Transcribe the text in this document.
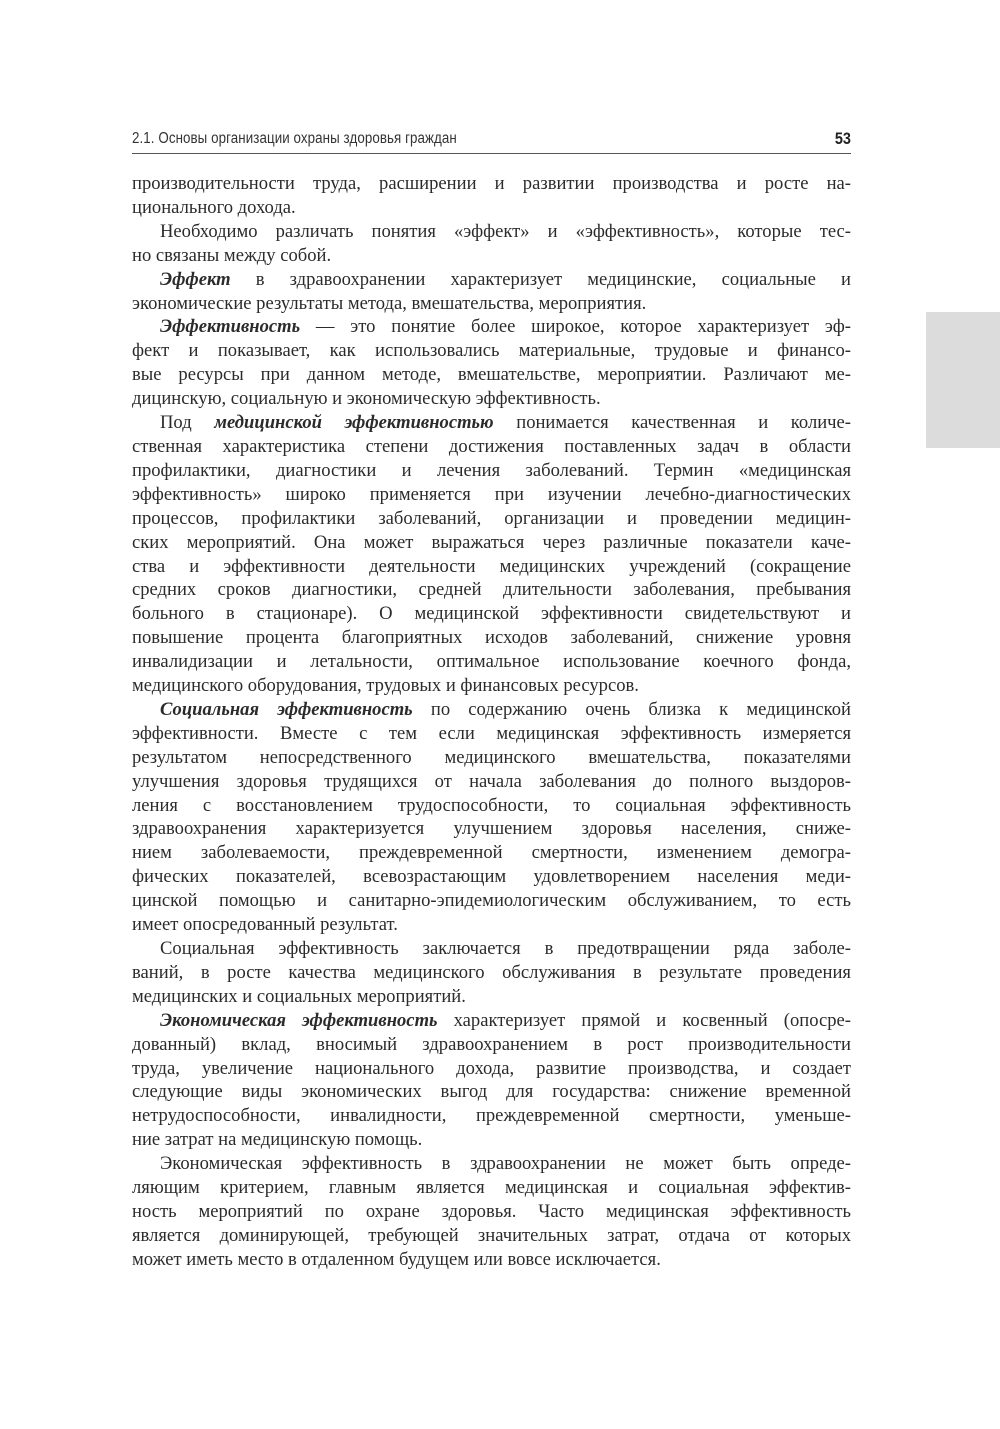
2.1. Основы организации охраны здоровья граждан	53
производительности труда, расширении и развитии производства и росте на-
ционального дохода.
Необходимо различать понятия «эффект» и «эффективность», которые тес-
но связаны между собой.
Эффект в здравоохранении характеризует медицинские, социальные и
экономические результаты метода, вмешательства, мероприятия.
Эффективность — это понятие более широкое, которое характеризует эф-
фект и показывает, как использовались материальные, трудовые и финансо-
вые ресурсы при данном методе, вмешательстве, мероприятии. Различают ме-
дицинскую, социальную и экономическую эффективность.
Под медицинской эффективностью понимается качественная и количе-
ственная характеристика степени достижения поставленных задач в области
профилактики, диагностики и лечения заболеваний. Термин «медицинская
эффективность» широко применяется при изучении лечебно-диагностических
процессов, профилактики заболеваний, организации и проведении медицин-
ских мероприятий. Она может выражаться через различные показатели каче-
ства и эффективности деятельности медицинских учреждений (сокращение
средних сроков диагностики, средней длительности заболевания, пребывания
больного в стационаре). О медицинской эффективности свидетельствуют и
повышение процента благоприятных исходов заболеваний, снижение уровня
инвалидизации и летальности, оптимальное использование коечного фонда,
медицинского оборудования, трудовых и финансовых ресурсов.
Социальная эффективность по содержанию очень близка к медицинской
эффективности. Вместе с тем если медицинская эффективность измеряется
результатом непосредственного медицинского вмешательства, показателями
улучшения здоровья трудящихся от начала заболевания до полного выздоров-
ления с восстановлением трудоспособности, то социальная эффективность
здравоохранения характеризуется улучшением здоровья населения, сниже-
нием заболеваемости, преждевременной смертности, изменением демогра-
фических показателей, всевозрастающим удовлетворением населения меди-
цинской помощью и санитарно-эпидемиологическим обслуживанием, то есть
имеет опосредованный результат.
Социальная эффективность заключается в предотвращении ряда заболе-
ваний, в росте качества медицинского обслуживания в результате проведения
медицинских и социальных мероприятий.
Экономическая эффективность характеризует прямой и косвенный (опосре-
дованный) вклад, вносимый здравоохранением в рост производительности
труда, увеличение национального дохода, развитие производства, и создает
следующие виды экономических выгод для государства: снижение временной
нетрудоспособности, инвалидности, преждевременной смертности, уменьше-
ние затрат на медицинскую помощь.
Экономическая эффективность в здравоохранении не может быть опреде-
ляющим критерием, главным является медицинская и социальная эффектив-
ность мероприятий по охране здоровья. Часто медицинская эффективность
является доминирующей, требующей значительных затрат, отдача от которых
может иметь место в отдаленном будущем или вовсе исключается.
